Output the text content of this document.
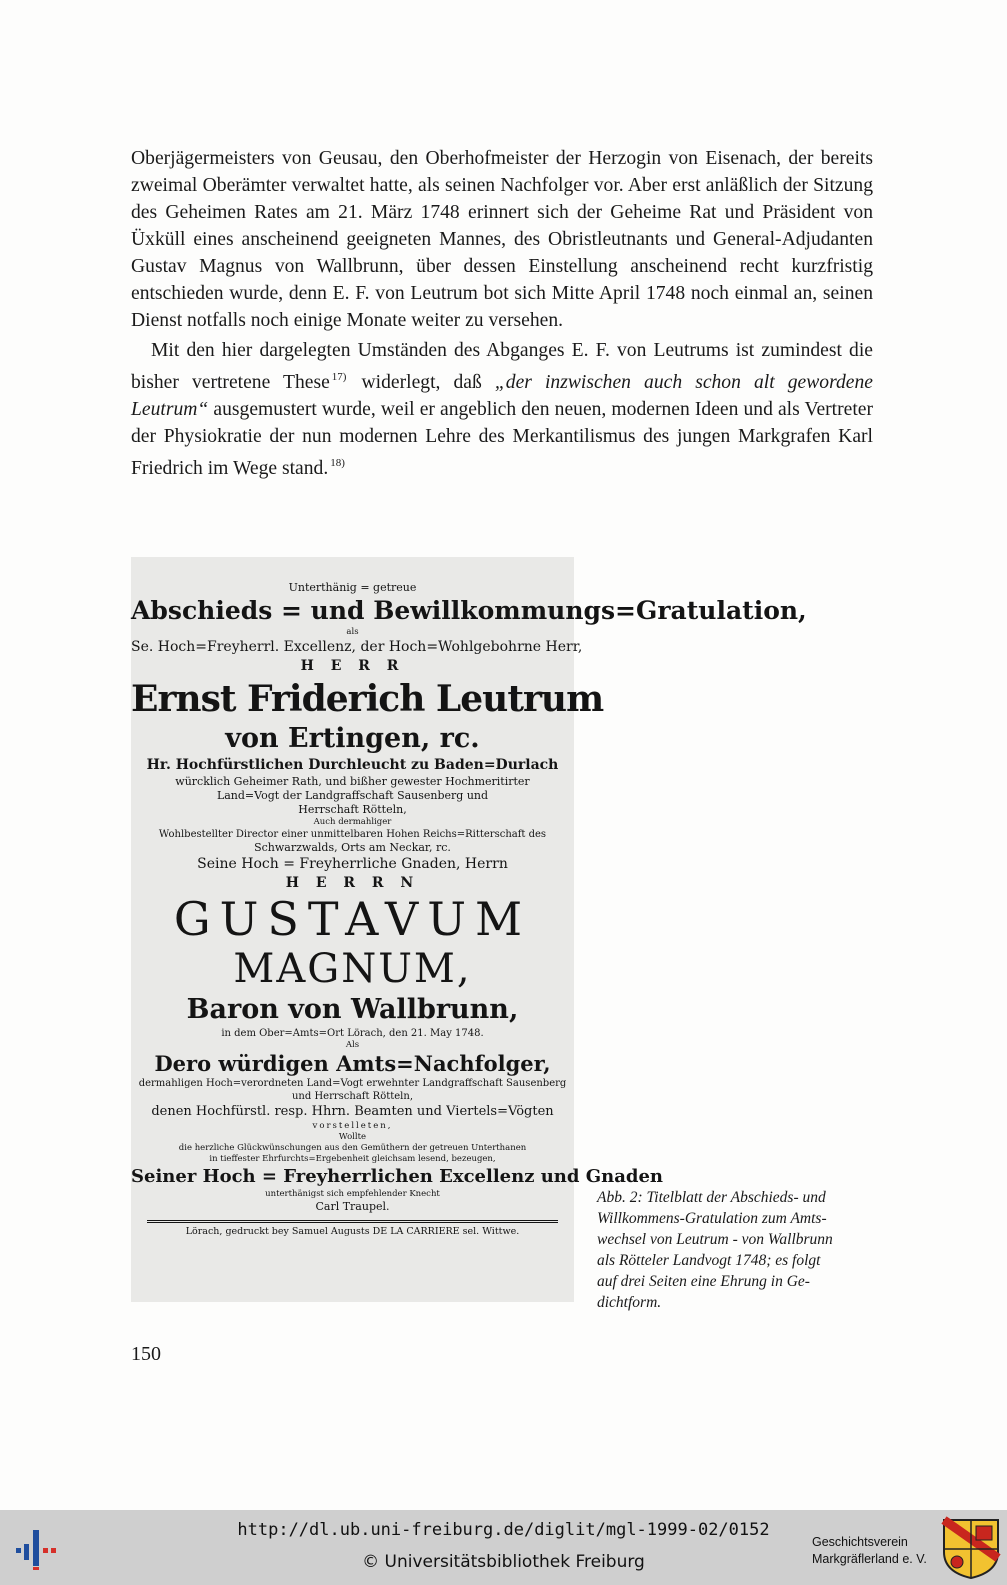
Oberjägermeisters von Geusau, den Oberhofmeister der Herzogin von Eisenach, der bereits zweimal Oberämter verwaltet hatte, als seinen Nachfolger vor. Aber erst anläßlich der Sitzung des Geheimen Rates am 21. März 1748 erinnert sich der Geheime Rat und Präsident von Üxküll eines anscheinend geeigneten Mannes, des Obristleutnants und General-Adjudanten Gustav Magnus von Wallbrunn, über dessen Einstellung anscheinend recht kurzfristig entschieden wurde, denn E. F. von Leutrum bot sich Mitte April 1748 noch einmal an, seinen Dienst notfalls noch einige Monate weiter zu versehen.

Mit den hier dargelegten Umständen des Abganges E. F. von Leutrums ist zumindest die bisher vertretene These $^{17)}$ widerlegt, daß „der inzwischen auch schon alt gewordene Leutrum“ ausgemustert wurde, weil er angeblich den neuen, modernen Ideen und als Vertreter der Physiokratie der nun modernen Lehre des Merkantilismus des jungen Markgrafen Karl Friedrich im Wege stand. $^{18)}$

Unterthänig = getreue
Abschieds = und Bewillkommungs=Gratulation,
als
Se. Hoch=Freyherrl. Excellenz, der Hoch=Wohlgebohrne Herr,
H E R R
Ernst Friderich Leutrum
von Ertingen, rc.
Hr. Hochfürstlichen Durchleucht zu Baden=Durlach
würcklich Geheimer Rath, und bißher gewester Hochmeritirter
Land=Vogt der Landgraffschaft Sausenberg und
Herrschaft Rötteln,
Auch dermahliger
Wohlbestellter Director einer unmittelbaren Hohen Reichs=Ritterschaft des
Schwarzwalds, Orts am Neckar, rc.
Seine Hoch = Freyherrliche Gnaden, Herrn
H E R R N
GUSTAVUM
MAGNUM,
Baron von Wallbrunn,
in dem Ober=Amts=Ort Lörach, den 21. May 1748.
Als
Dero würdigen Amts=Nachfolger,
dermahligen Hoch=verordneten Land=Vogt erwehnter Landgraffschaft Sausenberg
und Herrschaft Rötteln,
denen Hochfürstl. resp. Hhrn. Beamten und Viertels=Vögten
vorstelleten,
Wollte
die herzliche Glückwünschungen aus den Gemüthern der getreuen Unterthanen
in tieffester Ehrfurchts=Ergebenheit gleichsam lesend, bezeugen,
Seiner Hoch = Freyherrlichen Excellenz und Gnaden
unterthänigst sich empfehlender Knecht
Carl Traupel.
Lörach, gedruckt bey Samuel Augusts DE LA CARRIERE sel. Wittwe.
Abb. 2: Titelblatt der Abschieds- und
Willkommens-Gratulation zum Amts-
wechsel von Leutrum - von Wallbrunn
als Rötteler Landvogt 1748; es folgt
auf drei Seiten eine Ehrung in Ge-
dichtform.
150
http://dl.ub.uni-freiburg.de/diglit/mgl-1999-02/0152
© Universitätsbibliothek Freiburg
Geschichtsverein
Markgräflerland e. V.
